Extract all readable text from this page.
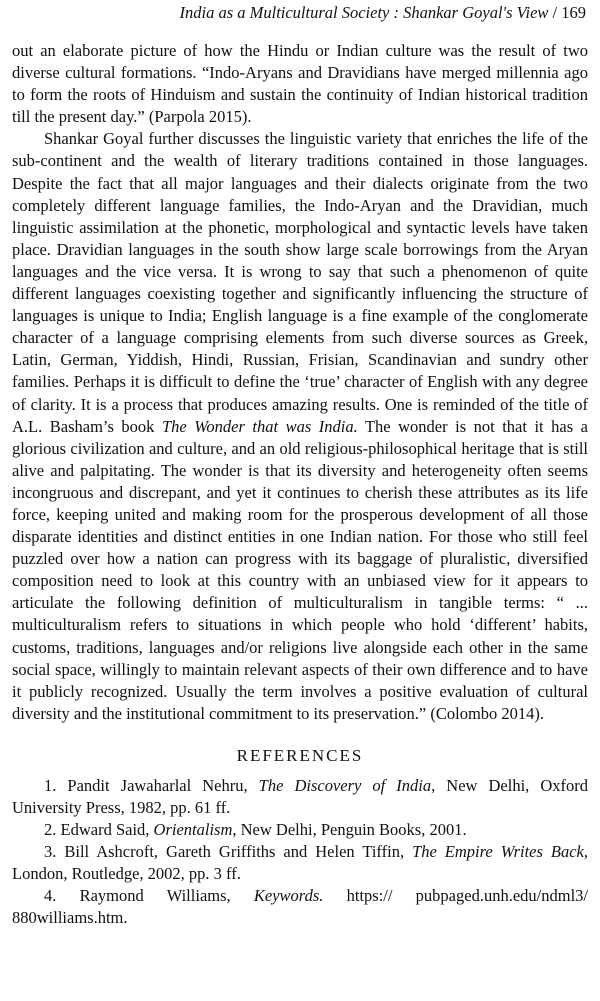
India as a Multicultural Society : Shankar Goyal's View / 169

out an elaborate picture of how the Hindu or Indian culture was the result of two diverse cultural formations. “Indo-Aryans and Dravidians have merged millennia ago to form the roots of Hinduism and sustain the continuity of Indian historical tradition till the present day.” (Parpola 2015).

Shankar Goyal further discusses the linguistic variety that enriches the life of the sub-continent and the wealth of literary traditions contained in those languages. Despite the fact that all major languages and their dialects originate from the two completely different language families, the Indo-Aryan and the Dravidian, much linguistic assimilation at the phonetic, morphological and syntactic levels have taken place. Dravidian languages in the south show large scale borrowings from the Aryan languages and the vice versa. It is wrong to say that such a phenomenon of quite different languages coexisting together and significantly influencing the structure of languages is unique to India; English language is a fine example of the conglomerate character of a language comprising elements from such diverse sources as Greek, Latin, German, Yiddish, Hindi, Russian, Frisian, Scandinavian and sundry other families. Perhaps it is difficult to define the ‘true’ character of English with any degree of clarity. It is a process that produces amazing results. One is reminded of the title of A.L. Basham’s book The Wonder that was India. The wonder is not that it has a glorious civilization and culture, and an old religious-philosophical heritage that is still alive and palpitating. The wonder is that its diversity and heterogeneity often seems incongruous and discrepant, and yet it continues to cherish these attributes as its life force, keeping united and making room for the prosperous development of all those disparate identities and distinct entities in one Indian nation. For those who still feel puzzled over how a nation can progress with its baggage of pluralistic, diversified composition need to look at this country with an unbiased view for it appears to articulate the following definition of multiculturalism in tangible terms: “ ... multiculturalism refers to situations in which people who hold ‘different’ habits, customs, traditions, languages and/or religions live alongside each other in the same social space, willingly to maintain relevant aspects of their own difference and to have it publicly recognized. Usually the term involves a positive evaluation of cultural diversity and the institutional commitment to its preservation.” (Colombo 2014).

REFERENCES

1. Pandit Jawaharlal Nehru, The Discovery of India, New Delhi, Oxford University Press, 1982, pp. 61 ff.

2. Edward Said, Orientalism, New Delhi, Penguin Books, 2001.

3. Bill Ashcroft, Gareth Griffiths and Helen Tiffin, The Empire Writes Back, London, Routledge, 2002, pp. 3 ff.

4. Raymond Williams, Keywords. https:// pubpaged.unh.edu/ndml3/ 880williams.htm.
